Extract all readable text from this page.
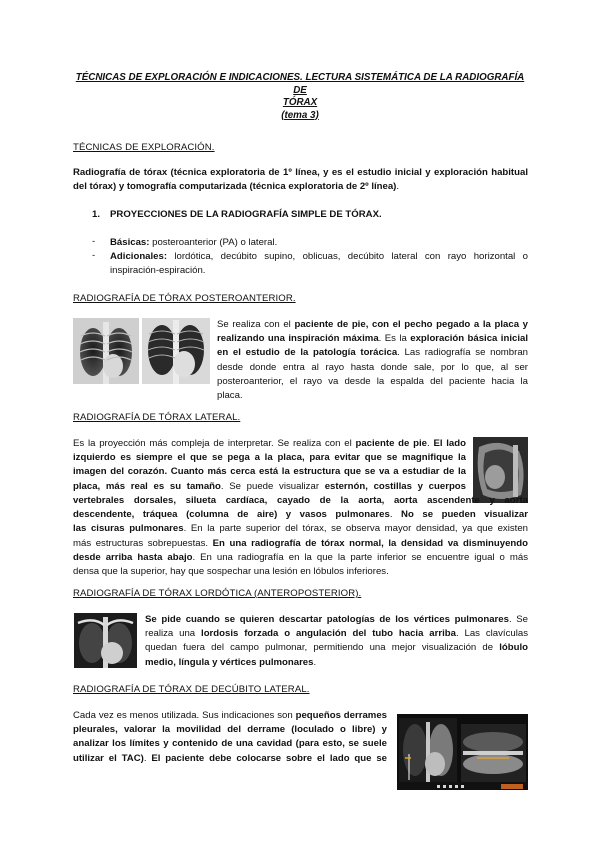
TÉCNICAS DE EXPLORACIÓN E INDICACIONES. LECTURA SISTEMÁTICA DE LA RADIOGRAFÍA DE
TÓRAX
(tema 3)
TÉCNICAS DE EXPLORACIÓN.
Radiografía de tórax (técnica exploratoria de 1º línea, y es el estudio inicial y exploración habitual
del tórax) y tomografía computarizada (técnica exploratoria de 2º línea).
1. PROYECCIONES DE LA RADIOGRAFÍA SIMPLE DE TÓRAX.
- Básicas: posteroanterior (PA) o lateral.
- Adicionales: lordótica, decúbito supino, oblicuas, decúbito lateral con rayo horizontal o
inspiración-espiración.
RADIOGRAFÍA DE TÓRAX POSTEROANTERIOR.
Se realiza con el paciente de pie, con el pecho pegado a la placa y
realizando una inspiración máxima. Es la exploración básica inicial
en el estudio de la patología torácica. Las radiografía se nombran
desde donde entra al rayo hasta donde sale, por lo que, al ser
posteroanterior, el rayo va desde la espalda del paciente hacia la
placa.
RADIOGRAFÍA DE TÓRAX LATERAL.
Es la proyección más compleja de interpretar. Se realiza con el paciente de pie. El lado
izquierdo es siempre el que se pega a la placa, para evitar que se magnifique la
imagen del corazón. Cuanto más cerca está la estructura que se va a estudiar de la
placa, más real es su tamaño. Se puede visualizar esternón, costillas y cuerpos
vertebrales dorsales, silueta cardíaca, cayado de la aorta, aorta ascendente y aorta
descendente, tráquea (columna de aire) y vasos pulmonares. No se pueden visualizar
las cisuras pulmonares. En la parte superior del tórax, se observa mayor densidad, ya que existen
más estructuras sobrepuestas. En una radiografía de tórax normal, la densidad va disminuyendo
desde arriba hasta abajo. En una radiografía en la que la parte inferior se encuentre igual o más
densa que la superior, hay que sospechar una lesión en lóbulos inferiores.
RADIOGRAFÍA DE TÓRAX LORDÓTICA (ANTEROPOSTERIOR).
Se pide cuando se quieren descartar patologías de los vértices pulmonares. Se
realiza una lordosis forzada o angulación del tubo hacia arriba. Las clavículas
quedan fuera del campo pulmonar, permitiendo una mejor visualización de lóbulo
medio, língula y vértices pulmonares.
RADIOGRAFÍA DE TÓRAX DE DECÚBITO LATERAL.
Cada vez es menos utilizada. Sus indicaciones son pequeños derrames
pleurales, valorar la movilidad del derrame (loculado o libre) y
analizar los límites y contenido de una cavidad (para esto, se suele
utilizar el TAC). El paciente debe colocarse sobre el lado que se
